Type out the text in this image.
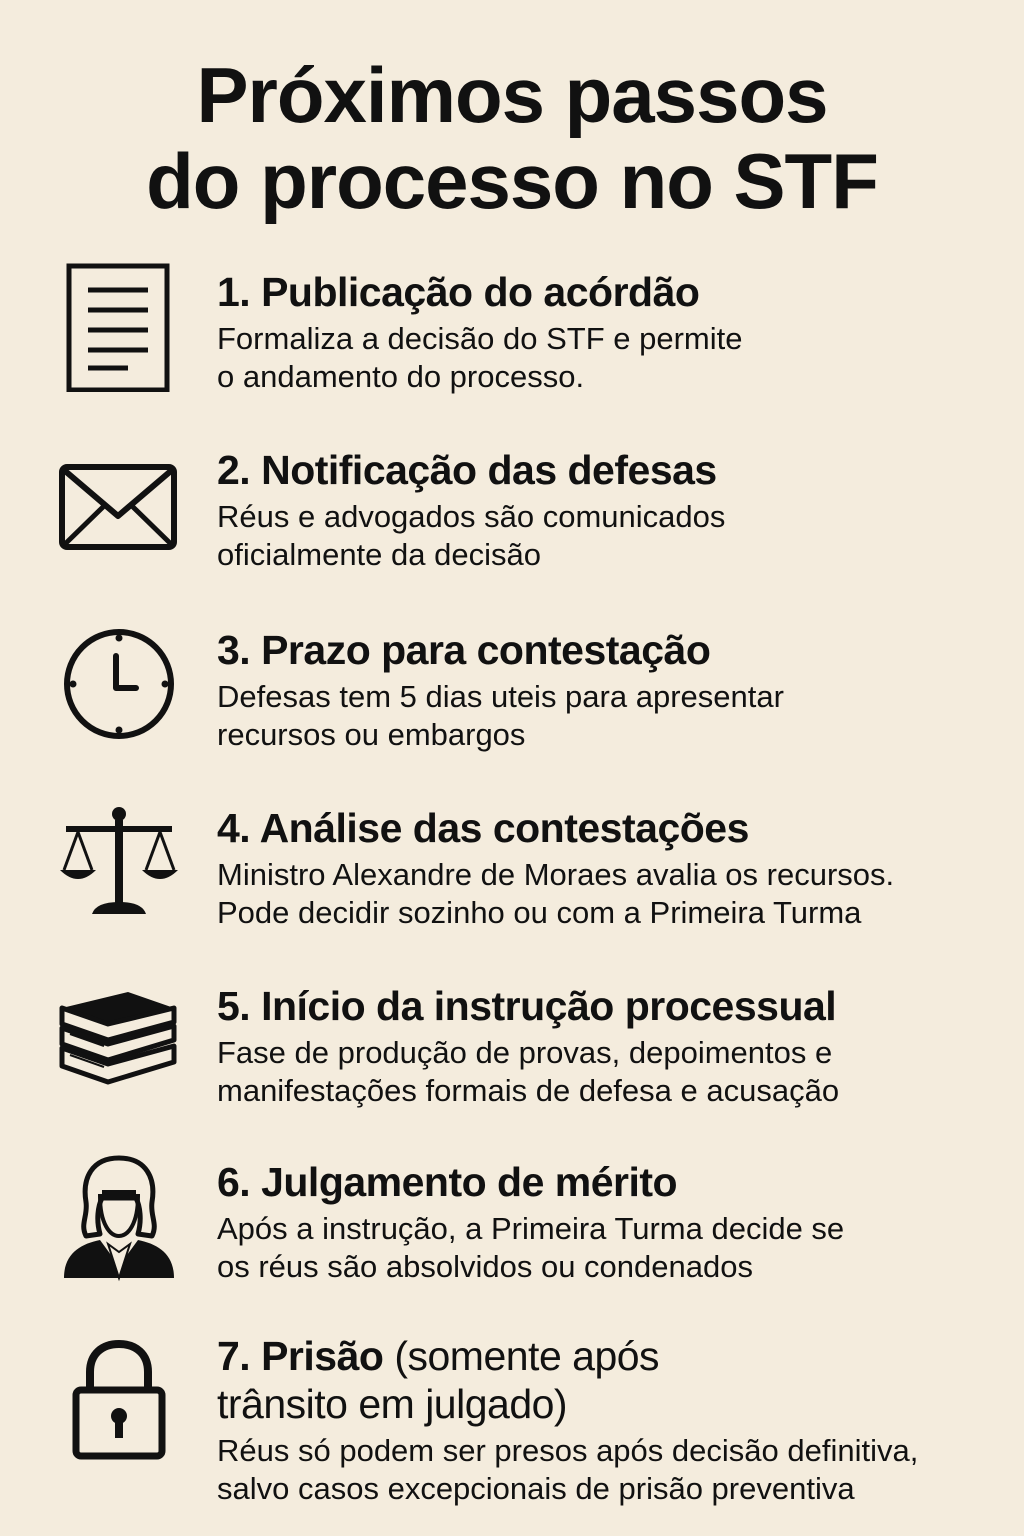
Próximos passos
do processo no STF

1. Publicação do acórdão

Formaliza a decisão do STF e permite
o andamento do processo.

2. Notificação das defesas

Réus e advogados são comunicados
oficialmente da decisão

3. Prazo para contestação

Defesas tem 5 dias uteis para apresentar
recursos ou embargos

4. Análise das contestações

Ministro Alexandre de Moraes avalia os recursos.
Pode decidir sozinho ou com a Primeira Turma

5. Início da instrução processual

Fase de produção de provas, depoimentos e
manifestações formais de defesa e acusação

6. Julgamento de mérito

Após a instrução, a Primeira Turma decide se
os réus são absolvidos ou condenados

7. Prisão (somente após
trânsito em julgado)

Réus só podem ser presos após decisão definitiva,
salvo casos excepcionais de prisão preventiva
